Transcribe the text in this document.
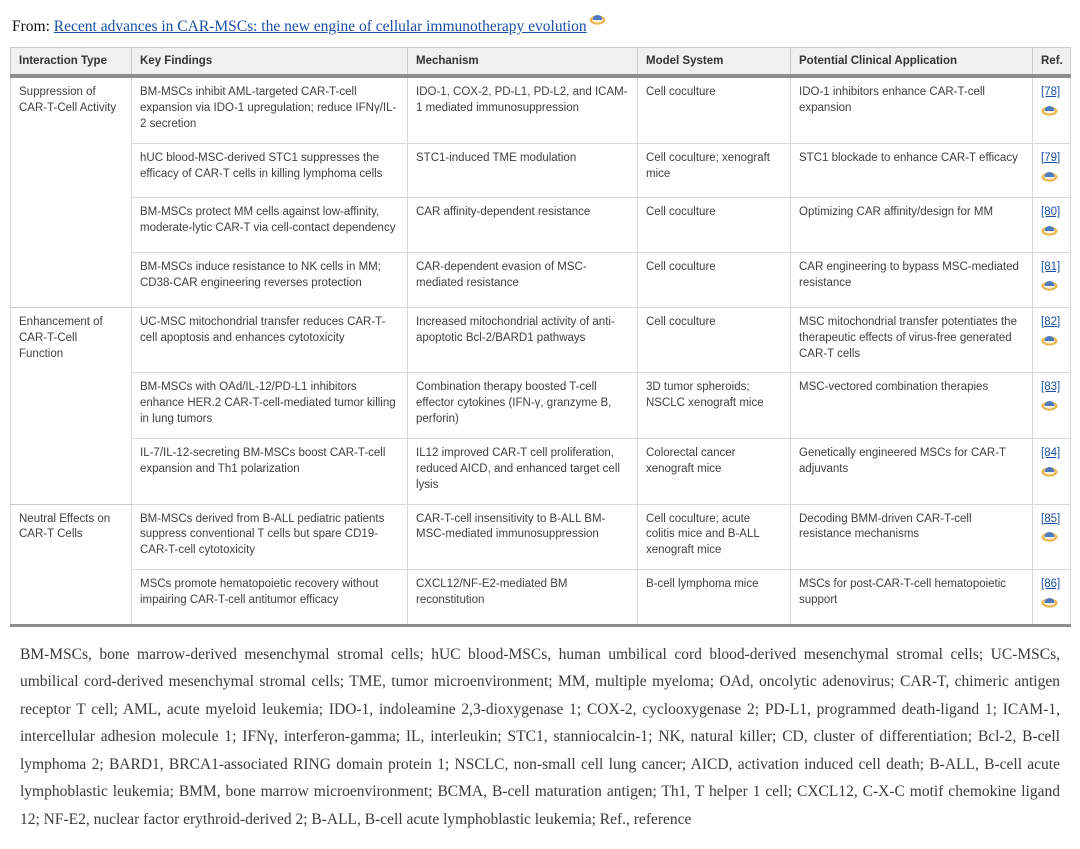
From: Recent advances in CAR-MSCs: the new engine of cellular immunotherapy evolution
Interaction Type	Key Findings	Mechanism	Model System	Potential Clinical Application	Ref.
Suppression of CAR-T-Cell Activity	BM-MSCs inhibit AML-targeted CAR-T-cell expansion via IDO-1 upregulation; reduce IFNγ/IL-2 secretion	IDO-1, COX-2, PD-L1, PD-L2, and ICAM-1 mediated immunosuppression	Cell coculture	IDO-1 inhibitors enhance CAR-T-cell expansion	[78]

	hUC blood-MSC-derived STC1 suppresses the efficacy of CAR-T cells in killing lymphoma cells	STC1-induced TME modulation	Cell coculture; xenograft mice	STC1 blockade to enhance CAR-T efficacy	[79]

	BM-MSCs protect MM cells against low-affinity, moderate-lytic CAR-T via cell-contact dependency	CAR affinity-dependent resistance	Cell coculture	Optimizing CAR affinity/design for MM	[80]

	BM-MSCs induce resistance to NK cells in MM; CD38-CAR engineering reverses protection	CAR-dependent evasion of MSC-mediated resistance	Cell coculture	CAR engineering to bypass MSC-mediated resistance	[81]

Enhancement of CAR-T-Cell Function	UC-MSC mitochondrial transfer reduces CAR-T-cell apoptosis and enhances cytotoxicity	Increased mitochondrial activity of anti-apoptotic Bcl-2/BARD1 pathways	Cell coculture	MSC mitochondrial transfer potentiates the therapeutic effects of virus-free generated CAR-T cells	[82]

	BM-MSCs with OAd/IL-12/PD-L1 inhibitors enhance HER.2 CAR-T-cell-mediated tumor killing in lung tumors	Combination therapy boosted T-cell effector cytokines (IFN-γ, granzyme B, perforin)	3D tumor spheroids; NSCLC xenograft mice	MSC-vectored combination therapies	[83]

	IL-7/IL-12-secreting BM-MSCs boost CAR-T-cell expansion and Th1 polarization	IL12 improved CAR-T cell proliferation, reduced AICD, and enhanced target cell lysis	Colorectal cancer xenograft mice	Genetically engineered MSCs for CAR-T adjuvants	[84]

Neutral Effects on CAR-T Cells	BM-MSCs derived from B-ALL pediatric patients suppress conventional T cells but spare CD19-CAR-T-cell cytotoxicity	CAR-T-cell insensitivity to B-ALL BM-MSC-mediated immunosuppression	Cell coculture; acute colitis mice and B-ALL xenograft mice	Decoding BMM-driven CAR-T-cell resistance mechanisms	[85]

	MSCs promote hematopoietic recovery without impairing CAR-T-cell antitumor efficacy	CXCL12/NF-E2-mediated BM reconstitution	B-cell lymphoma mice	MSCs for post-CAR-T-cell hematopoietic support	[86]

BM-MSCs, bone marrow-derived mesenchymal stromal cells; hUC blood-MSCs, human umbilical cord blood-derived mesenchymal stromal cells; UC-MSCs, umbilical cord-derived mesenchymal stromal cells; TME, tumor microenvironment; MM, multiple myeloma; OAd, oncolytic adenovirus; CAR-T, chimeric antigen receptor T cell; AML, acute myeloid leukemia; IDO-1, indoleamine 2,3-dioxygenase 1; COX-2, cyclooxygenase 2; PD-L1, programmed death-ligand 1; ICAM-1, intercellular adhesion molecule 1; IFNγ, interferon-gamma; IL, interleukin; STC1, stanniocalcin-1; NK, natural killer; CD, cluster of differentiation; Bcl-2, B-cell lymphoma 2; BARD1, BRCA1-associated RING domain protein 1; NSCLC, non-small cell lung cancer; AICD, activation induced cell death; B-ALL, B-cell acute lymphoblastic leukemia; BMM, bone marrow microenvironment; BCMA, B-cell maturation antigen; Th1, T helper 1 cell; CXCL12, C-X-C motif chemokine ligand 12; NF-E2, nuclear factor erythroid-derived 2; B-ALL, B-cell acute lymphoblastic leukemia; Ref., reference
